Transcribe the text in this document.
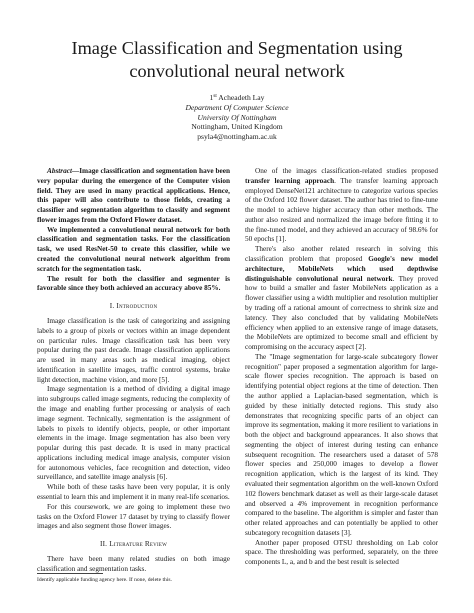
Image Classification and Segmentation using
convolutional neural network
1st Acheadeth Lay
Department Of Computer Science
University Of Nottingham
Nottingham, United Kingdom
psyla4@nottingham.ac.uk

Abstract—Image classification and segmentation have been very popular during the emergence of the Computer vision field. They are used in many practical applications. Hence, this paper will also contribute to those fields, creating a classifier and segmentation algorithm to classify and segment flower images from the Oxford Flower dataset.

We implemented a convolutional neural network for both classification and segmentation tasks. For the classification task, we used ResNet-50 to create this classifier, while we created the convolutional neural network algorithm from scratch for the segmentation task.

The result for both the classifier and segmenter is favorable since they both achieved an accuracy above 85%.

I. Introduction

Image classification is the task of categorizing and assigning labels to a group of pixels or vectors within an image dependent on particular rules. Image classification task has been very popular during the past decade. Image classification applications are used in many areas such as medical imaging, object identification in satellite images, traffic control systems, brake light detection, machine vision, and more [5].

Image segmentation is a method of dividing a digital image into subgroups called image segments, reducing the complexity of the image and enabling further processing or analysis of each image segment. Technically, segmentation is the assignment of labels to pixels to identify objects, people, or other important elements in the image. Image segmentation has also been very popular during this past decade. It is used in many practical applications including medical image analysis, computer vision for autonomous vehicles, face recognition and detection, video surveillance, and satellite image analysis [6].

While both of these tasks have been very popular, it is only essential to learn this and implement it in many real-life scenarios.

For this coursework, we are going to implement these two tasks on the Oxford Flower 17 dataset by trying to classify flower images and also segment those flower images.

II. Literature Review

There have been many related studies on both image classification and segmentation tasks.

Identify applicable funding agency here. If none, delete this.

One of the images classification-related studies proposed transfer learning approach. The transfer learning approach employed DenseNet121 architecture to categorize various species of the Oxford 102 flower dataset. The author has tried to fine-tune the model to achieve higher accuracy than other methods. The author also resized and normalized the image before fitting it to the fine-tuned model, and they achieved an accuracy of 98.6% for 50 epochs [1].

There's also another related research in solving this classification problem that proposed Google's new model architecture, MobileNets which used depthwise distinguishable convolutional neural network. They proved how to build a smaller and faster MobileNets application as a flower classifier using a width multiplier and resolution multiplier by trading off a rational amount of correctness to shrink size and latency. They also concluded that by validating MobileNets efficiency when applied to an extensive range of image datasets, the MobileNets are optimized to become small and efficient by compromising on the accuracy aspect [2].

The "Image segmentation for large-scale subcategory flower recognition" paper proposed a segmentation algorithm for large-scale flower species recognition. The approach is based on identifying potential object regions at the time of detection. Then the author applied a Laplacian-based segmentation, which is guided by these initially detected regions. This study also demonstrates that recognizing specific parts of an object can improve its segmentation, making it more resilient to variations in both the object and background appearances. It also shows that segmenting the object of interest during testing can enhance subsequent recognition. The researchers used a dataset of 578 flower species and 250,000 images to develop a flower recognition application, which is the largest of its kind. They evaluated their segmentation algorithm on the well-known Oxford 102 flowers benchmark dataset as well as their large-scale dataset and observed a 4% improvement in recognition performance compared to the baseline. The algorithm is simpler and faster than other related approaches and can potentially be applied to other subcategory recognition datasets [3].

Another paper proposed OTSU thresholding on Lab color space. The thresholding was performed, separately, on the three components L, a, and b and the best result is selected
